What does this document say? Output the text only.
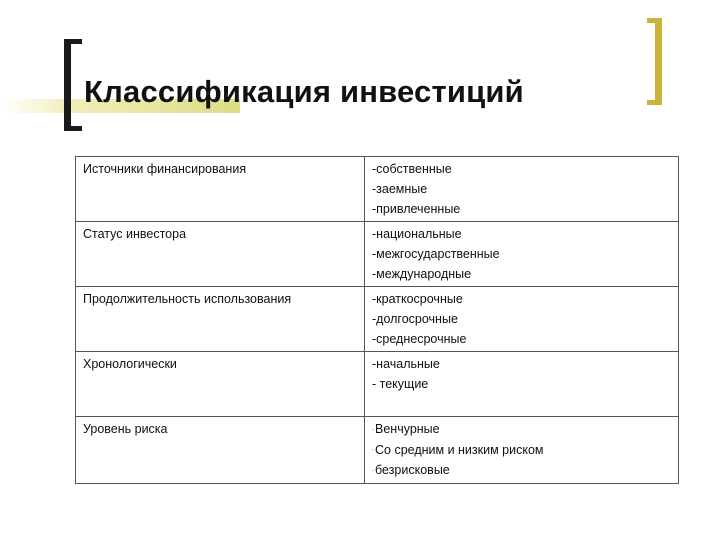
Классификация инвестиций
Источники финансирования	-собственные
-заемные
-привлеченные

Статус инвестора	-национальные
-межгосударственные
-международные

Продолжительность использования	-краткосрочные
-долгосрочные
-среднесрочные

Хронологически	-начальные
- текущие

Уровень риска	-Венчурные
-Со средним и низким риском
-безрисковые
